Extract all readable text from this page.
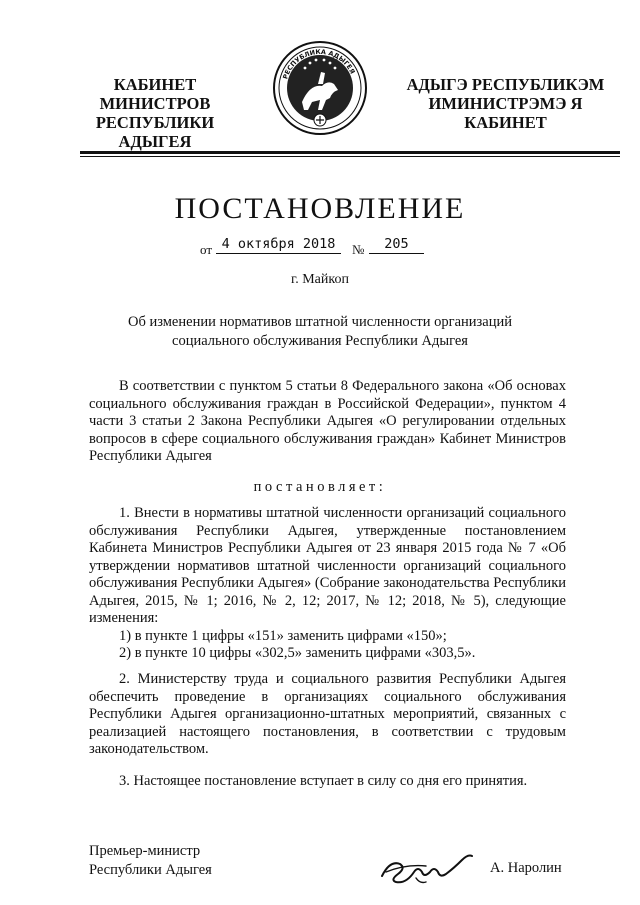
КАБИНЕТ МИНИСТРОВ
РЕСПУБЛИКИ АДЫГЕЯ
РЕСПУБЛИКА АДЫГЕЯ
АДЫГЭ РЕСПУБЛИКЭМ
ИМИНИСТРЭМЭ Я КАБИНЕТ
ПОСТАНОВЛЕНИЕ
от 4 октября 2018	№	205
г. Майкоп
Об изменении нормативов штатной численности организаций
социального обслуживания Республики Адыгея

В соответствии с пунктом 5 статьи 8 Федерального закона «Об основах социального обслуживания граждан в Российской Федерации», пунктом 4 части 3 статьи 2 Закона Республики Адыгея «О регулировании отдельных вопросов в сфере социального обслуживания граждан» Кабинет Министров Республики Адыгея

постановляет:

1. Внести в нормативы штатной численности организаций социального обслуживания Республики Адыгея, утвержденные постановлением Кабинета Министров Республики Адыгея от 23 января 2015 года № 7 «Об утверждении нормативов штатной численности организаций социального обслуживания Республики Адыгея» (Собрание законодательства Республики Адыгея, 2015, № 1; 2016, № 2, 12; 2017, № 12; 2018, № 5), следующие изменения:

1) в пункте 1 цифры «151» заменить цифрами «150»;

2) в пункте 10 цифры «302,5» заменить цифрами «303,5».

2. Министерству труда и социального развития Республики Адыгея обеспечить проведение в организациях социального обслуживания Республики Адыгея организационно-штатных мероприятий, связанных с реализацией настоящего постановления, в соответствии с трудовым законодательством.

3. Настоящее постановление вступает в силу со дня его принятия.

Премьер-министр
Республики Адыгея	А. Наролин
